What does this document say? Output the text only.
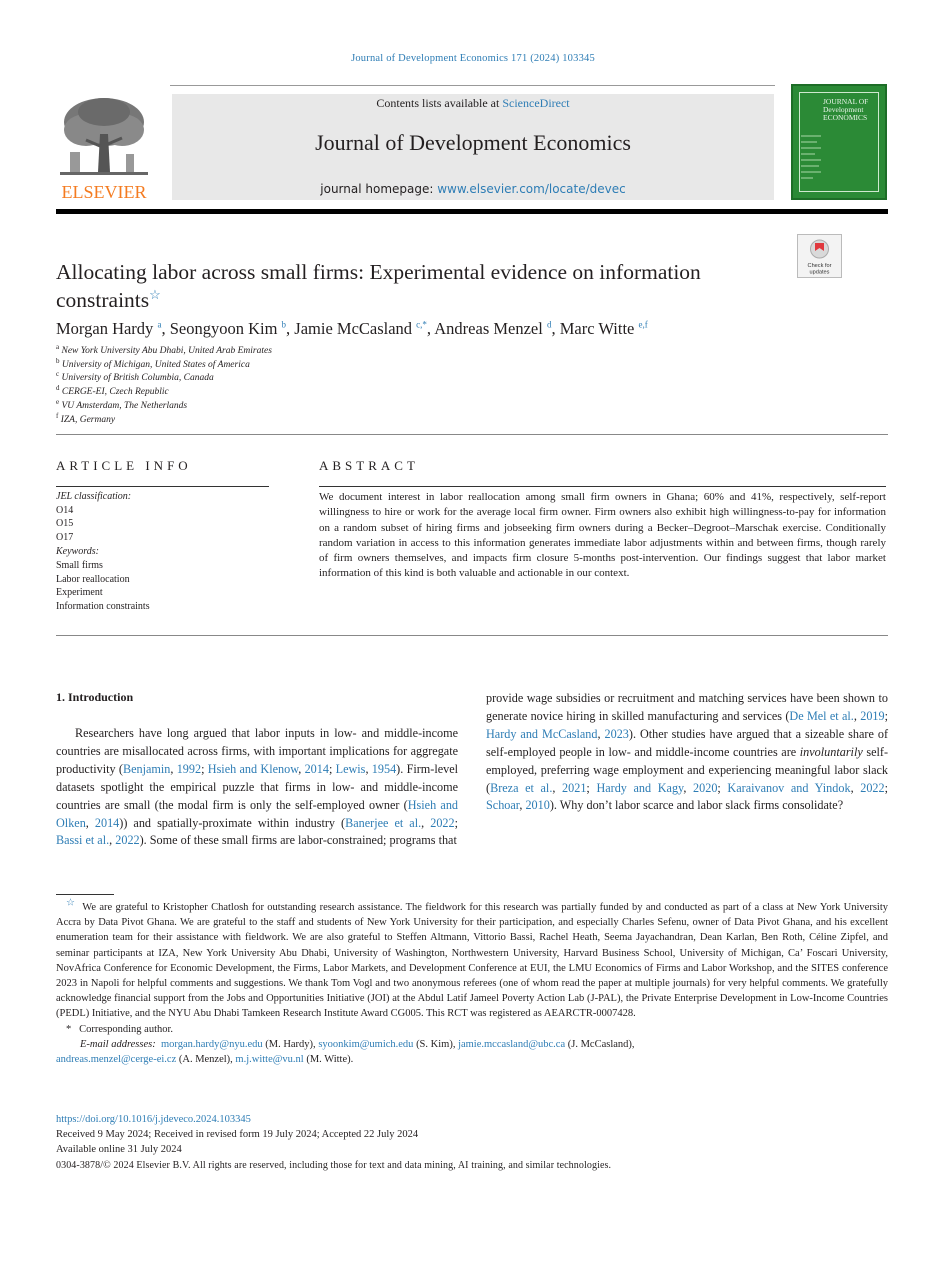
Journal of Development Economics 171 (2024) 103345
ELSEVIER
Contents lists available at ScienceDirect
Journal of Development Economics
journal homepage: www.elsevier.com/locate/devec
JOURNAL OF Development ECONOMICS
Check for
updates
Allocating labor across small firms: Experimental evidence on information constraints☆
Morgan Hardy $^a$, Seongyoon Kim $^b$, Jamie McCasland $^{c,*}$, Andreas Menzel $^d$, Marc Witte $^{e,f}$
$^a$ New York University Abu Dhabi, United Arab Emirates
$^b$ University of Michigan, United States of America
$^c$ University of British Columbia, Canada
$^d$ CERGE-EI, Czech Republic
$^e$ VU Amsterdam, The Netherlands
$^f$ IZA, Germany
ARTICLE INFO
JEL classification:
O14
O15
O17
Keywords:
Small firms
Labor reallocation
Experiment
Information constraints
ABSTRACT
We document interest in labor reallocation among small firm owners in Ghana; 60% and 41%, respectively, self-report willingness to hire or work for the average local firm owner. Firm owners also exhibit high willingness-to-pay for information on a random subset of hiring firms and jobseeking firm owners during a Becker–Degroot–Marschak exercise. Conditionally random variation in access to this information generates immediate labor adjustments within and between firms, though rarely of firm owners themselves, and impacts firm closure 5-months post-intervention. Our findings suggest that labor market information of this kind is both valuable and actionable in our context.
1. Introduction
Researchers have long argued that labor inputs in low- and middle-income countries are misallocated across firms, with important implications for aggregate productivity (Benjamin, 1992; Hsieh and Klenow, 2014; Lewis, 1954). Firm-level datasets spotlight the empirical puzzle that firms in low- and middle-income countries are small (the modal firm is only the self-employed owner (Hsieh and Olken, 2014)) and spatially-proximate within industry (Banerjee et al., 2022; Bassi et al., 2022). Some of these small firms are labor-constrained; programs that
provide wage subsidies or recruitment and matching services have been shown to generate novice hiring in skilled manufacturing and services (De Mel et al., 2019; Hardy and McCasland, 2023). Other studies have argued that a sizeable share of self-employed people in low- and middle-income countries are involuntarily self-employed, preferring wage employment and experiencing meaningful labor slack (Breza et al., 2021; Hardy and Kagy, 2020; Karaivanov and Yindok, 2022; Schoar, 2010). Why don’t labor scarce and labor slack firms consolidate?
☆ We are grateful to Kristopher Chatlosh for outstanding research assistance. The fieldwork for this research was partially funded by and conducted as part of a class at New York University Accra by Data Pivot Ghana. We are grateful to the staff and students of New York University for their participation, and especially Charles Sefenu, owner of Data Pivot Ghana, and his excellent enumeration team for their assistance with fieldwork. We are also grateful to Steffen Altmann, Vittorio Bassi, Rachel Heath, Seema Jayachandran, Dean Karlan, Ben Roth, Céline Zipfel, and seminar participants at IZA, New York University Abu Dhabi, University of Washington, Northwestern University, Harvard Business School, University of Michigan, Ca’ Foscari University, NovAfrica Conference for Economic Development, the Firms, Labor Markets, and Development Conference at EUI, the LMU Economics of Firms and Labor Workshop, and the SITES conference 2023 in Napoli for helpful comments and suggestions. We thank Tom Vogl and two anonymous referees (one of whom read the paper at multiple journals) for very helpful comments. We gratefully acknowledge financial support from the Jobs and Opportunities Initiative (JOI) at the Abdul Latif Jameel Poverty Action Lab (J-PAL), the Private Enterprise Development in Low-Income Countries (PEDL) Initiative, and the NYU Abu Dhabi Tamkeen Research Institute Award CG005. This RCT was registered as AEARCTR-0007428.
* Corresponding author.
E-mail addresses: morgan.hardy@nyu.edu (M. Hardy), syoonkim@umich.edu (S. Kim), jamie.mccasland@ubc.ca (J. McCasland),
andreas.menzel@cerge-ei.cz (A. Menzel), m.j.witte@vu.nl (M. Witte).
https://doi.org/10.1016/j.jdeveco.2024.103345
Received 9 May 2024; Received in revised form 19 July 2024; Accepted 22 July 2024
Available online 31 July 2024
0304-3878/© 2024 Elsevier B.V. All rights are reserved, including those for text and data mining, AI training, and similar technologies.
